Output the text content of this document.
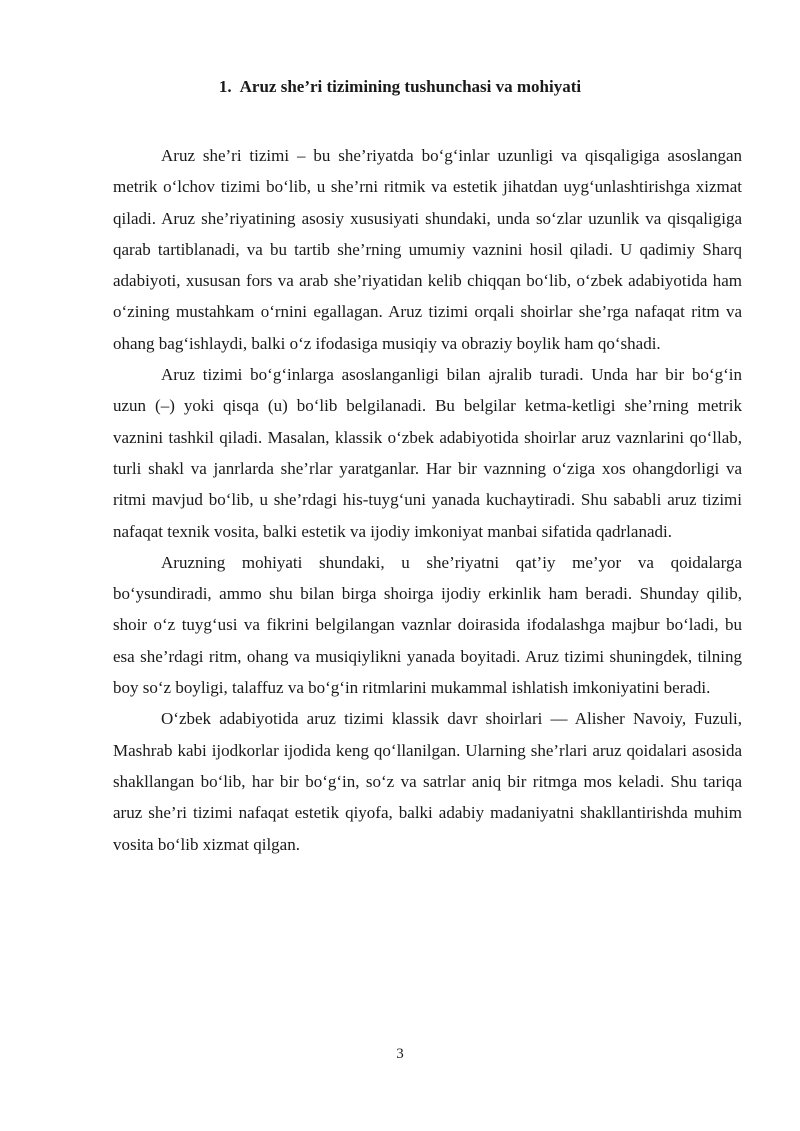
1. Aruz she’ri tizimining tushunchasi va mohiyati

Aruz she’ri tizimi – bu she’riyatda bo‘g‘inlar uzunligi va qisqaligiga asoslangan metrik o‘lchov tizimi bo‘lib, u she’rni ritmik va estetik jihatdan uyg‘unlashtirishga xizmat qiladi. Aruz she’riyatining asosiy xususiyati shundaki, unda so‘zlar uzunlik va qisqaligiga qarab tartiblanadi, va bu tartib she’rning umumiy vaznini hosil qiladi. U qadimiy Sharq adabiyoti, xususan fors va arab she’riyatidan kelib chiqqan bo‘lib, o‘zbek adabiyotida ham o‘zining mustahkam o‘rnini egallagan. Aruz tizimi orqali shoirlar she’rga nafaqat ritm va ohang bag‘ishlaydi, balki o‘z ifodasiga musiqiy va obraziy boylik ham qo‘shadi.

Aruz tizimi bo‘g‘inlarga asoslanganligi bilan ajralib turadi. Unda har bir bo‘g‘in uzun (–) yoki qisqa (u) bo‘lib belgilanadi. Bu belgilar ketma-ketligi she’rning metrik vaznini tashkil qiladi. Masalan, klassik o‘zbek adabiyotida shoirlar aruz vaznlarini qo‘llab, turli shakl va janrlarda she’rlar yaratganlar. Har bir vaznning o‘ziga xos ohangdorligi va ritmi mavjud bo‘lib, u she’rdagi his-tuyg‘uni yanada kuchaytiradi. Shu sababli aruz tizimi nafaqat texnik vosita, balki estetik va ijodiy imkoniyat manbai sifatida qadrlanadi.

Aruzning mohiyati shundaki, u she’riyatni qat’iy me’yor va qoidalarga bo‘ysundiradi, ammo shu bilan birga shoirga ijodiy erkinlik ham beradi. Shunday qilib, shoir o‘z tuyg‘usi va fikrini belgilangan vaznlar doirasida ifodalashga majbur bo‘ladi, bu esa she’rdagi ritm, ohang va musiqiylikni yanada boyitadi. Aruz tizimi shuningdek, tilning boy so‘z boyligi, talaffuz va bo‘g‘in ritmlarini mukammal ishlatish imkoniyatini beradi.

O‘zbek adabiyotida aruz tizimi klassik davr shoirlari — Alisher Navoiy, Fuzuli, Mashrab kabi ijodkorlar ijodida keng qo‘llanilgan. Ularning she’rlari aruz qoidalari asosida shakllangan bo‘lib, har bir bo‘g‘in, so‘z va satrlar aniq bir ritmga mos keladi. Shu tariqa aruz she’ri tizimi nafaqat estetik qiyofa, balki adabiy madaniyatni shakllantirishda muhim vosita bo‘lib xizmat qilgan.

3
